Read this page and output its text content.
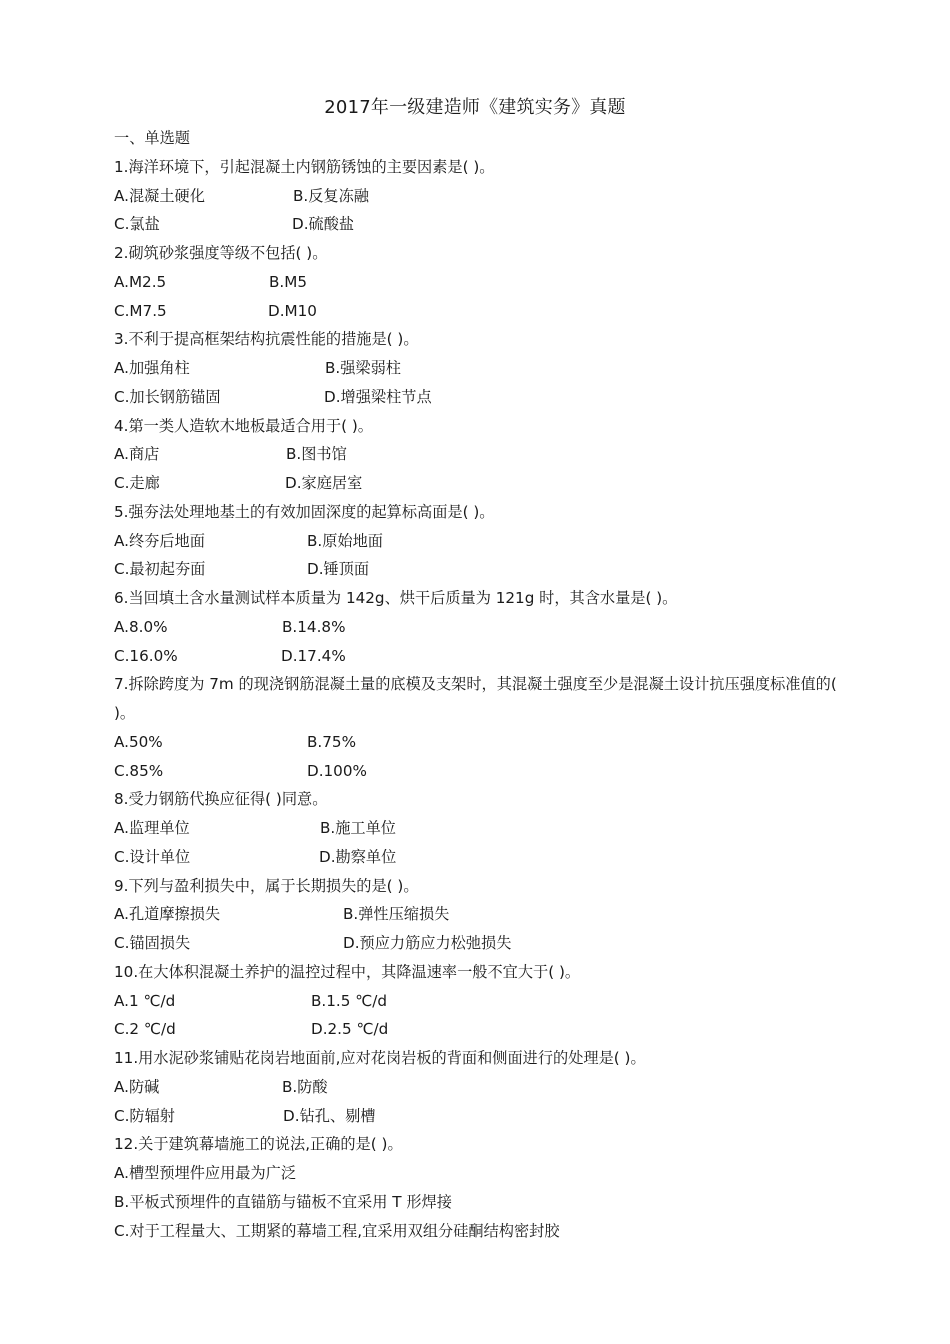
2017年一级建造师《建筑实务》真题
一、单选题
1.海洋环境下，引起混凝土内钢筋锈蚀的主要因素是( )。
A.混凝土硬化	B.反复冻融
C.氯盐	D.硫酸盐
2.砌筑砂浆强度等级不包括( )。
A.M2.5	B.M5
C.M7.5	D.M10
3.不利于提高框架结构抗震性能的措施是( )。
A.加强角柱	B.强梁弱柱
C.加长钢筋锚固	D.增强梁柱节点
4.第一类人造软木地板最适合用于( )。
A.商店	B.图书馆
C.走廊	D.家庭居室
5.强夯法处理地基土的有效加固深度的起算标高面是( )。
A.终夯后地面	B.原始地面
C.最初起夯面	D.锤顶面
6.当回填土含水量测试样本质量为 142g、烘干后质量为 121g 时，其含水量是( )。
A.8.0%	B.14.8%
C.16.0%	D.17.4%
7.拆除跨度为 7m 的现浇钢筋混凝土量的底模及支架时，其混凝土强度至少是混凝土设计抗压强度标准值的( )。
A.50%	B.75%
C.85%	D.100%
8.受力钢筋代换应征得( )同意。
A.监理单位	B.施工单位
C.设计单位	D.勘察单位
9.下列与盈利损失中，属于长期损失的是( )。
A.孔道摩擦损失	B.弹性压缩损失
C.锚固损失	D.预应力筋应力松弛损失
10.在大体积混凝土养护的温控过程中，其降温速率一般不宜大于( )。
A.1 ℃/d	B.1.5 ℃/d
C.2 ℃/d	D.2.5 ℃/d
11.用水泥砂浆铺贴花岗岩地面前,应对花岗岩板的背面和侧面进行的处理是( )。
A.防碱	B.防酸
C.防辐射	D.钻孔、剔槽
12.关于建筑幕墙施工的说法,正确的是( )。
A.槽型预埋件应用最为广泛
B.平板式预埋件的直锚筋与锚板不宜采用 T 形焊接
C.对于工程量大、工期紧的幕墙工程,宜采用双组分硅酮结构密封胶
